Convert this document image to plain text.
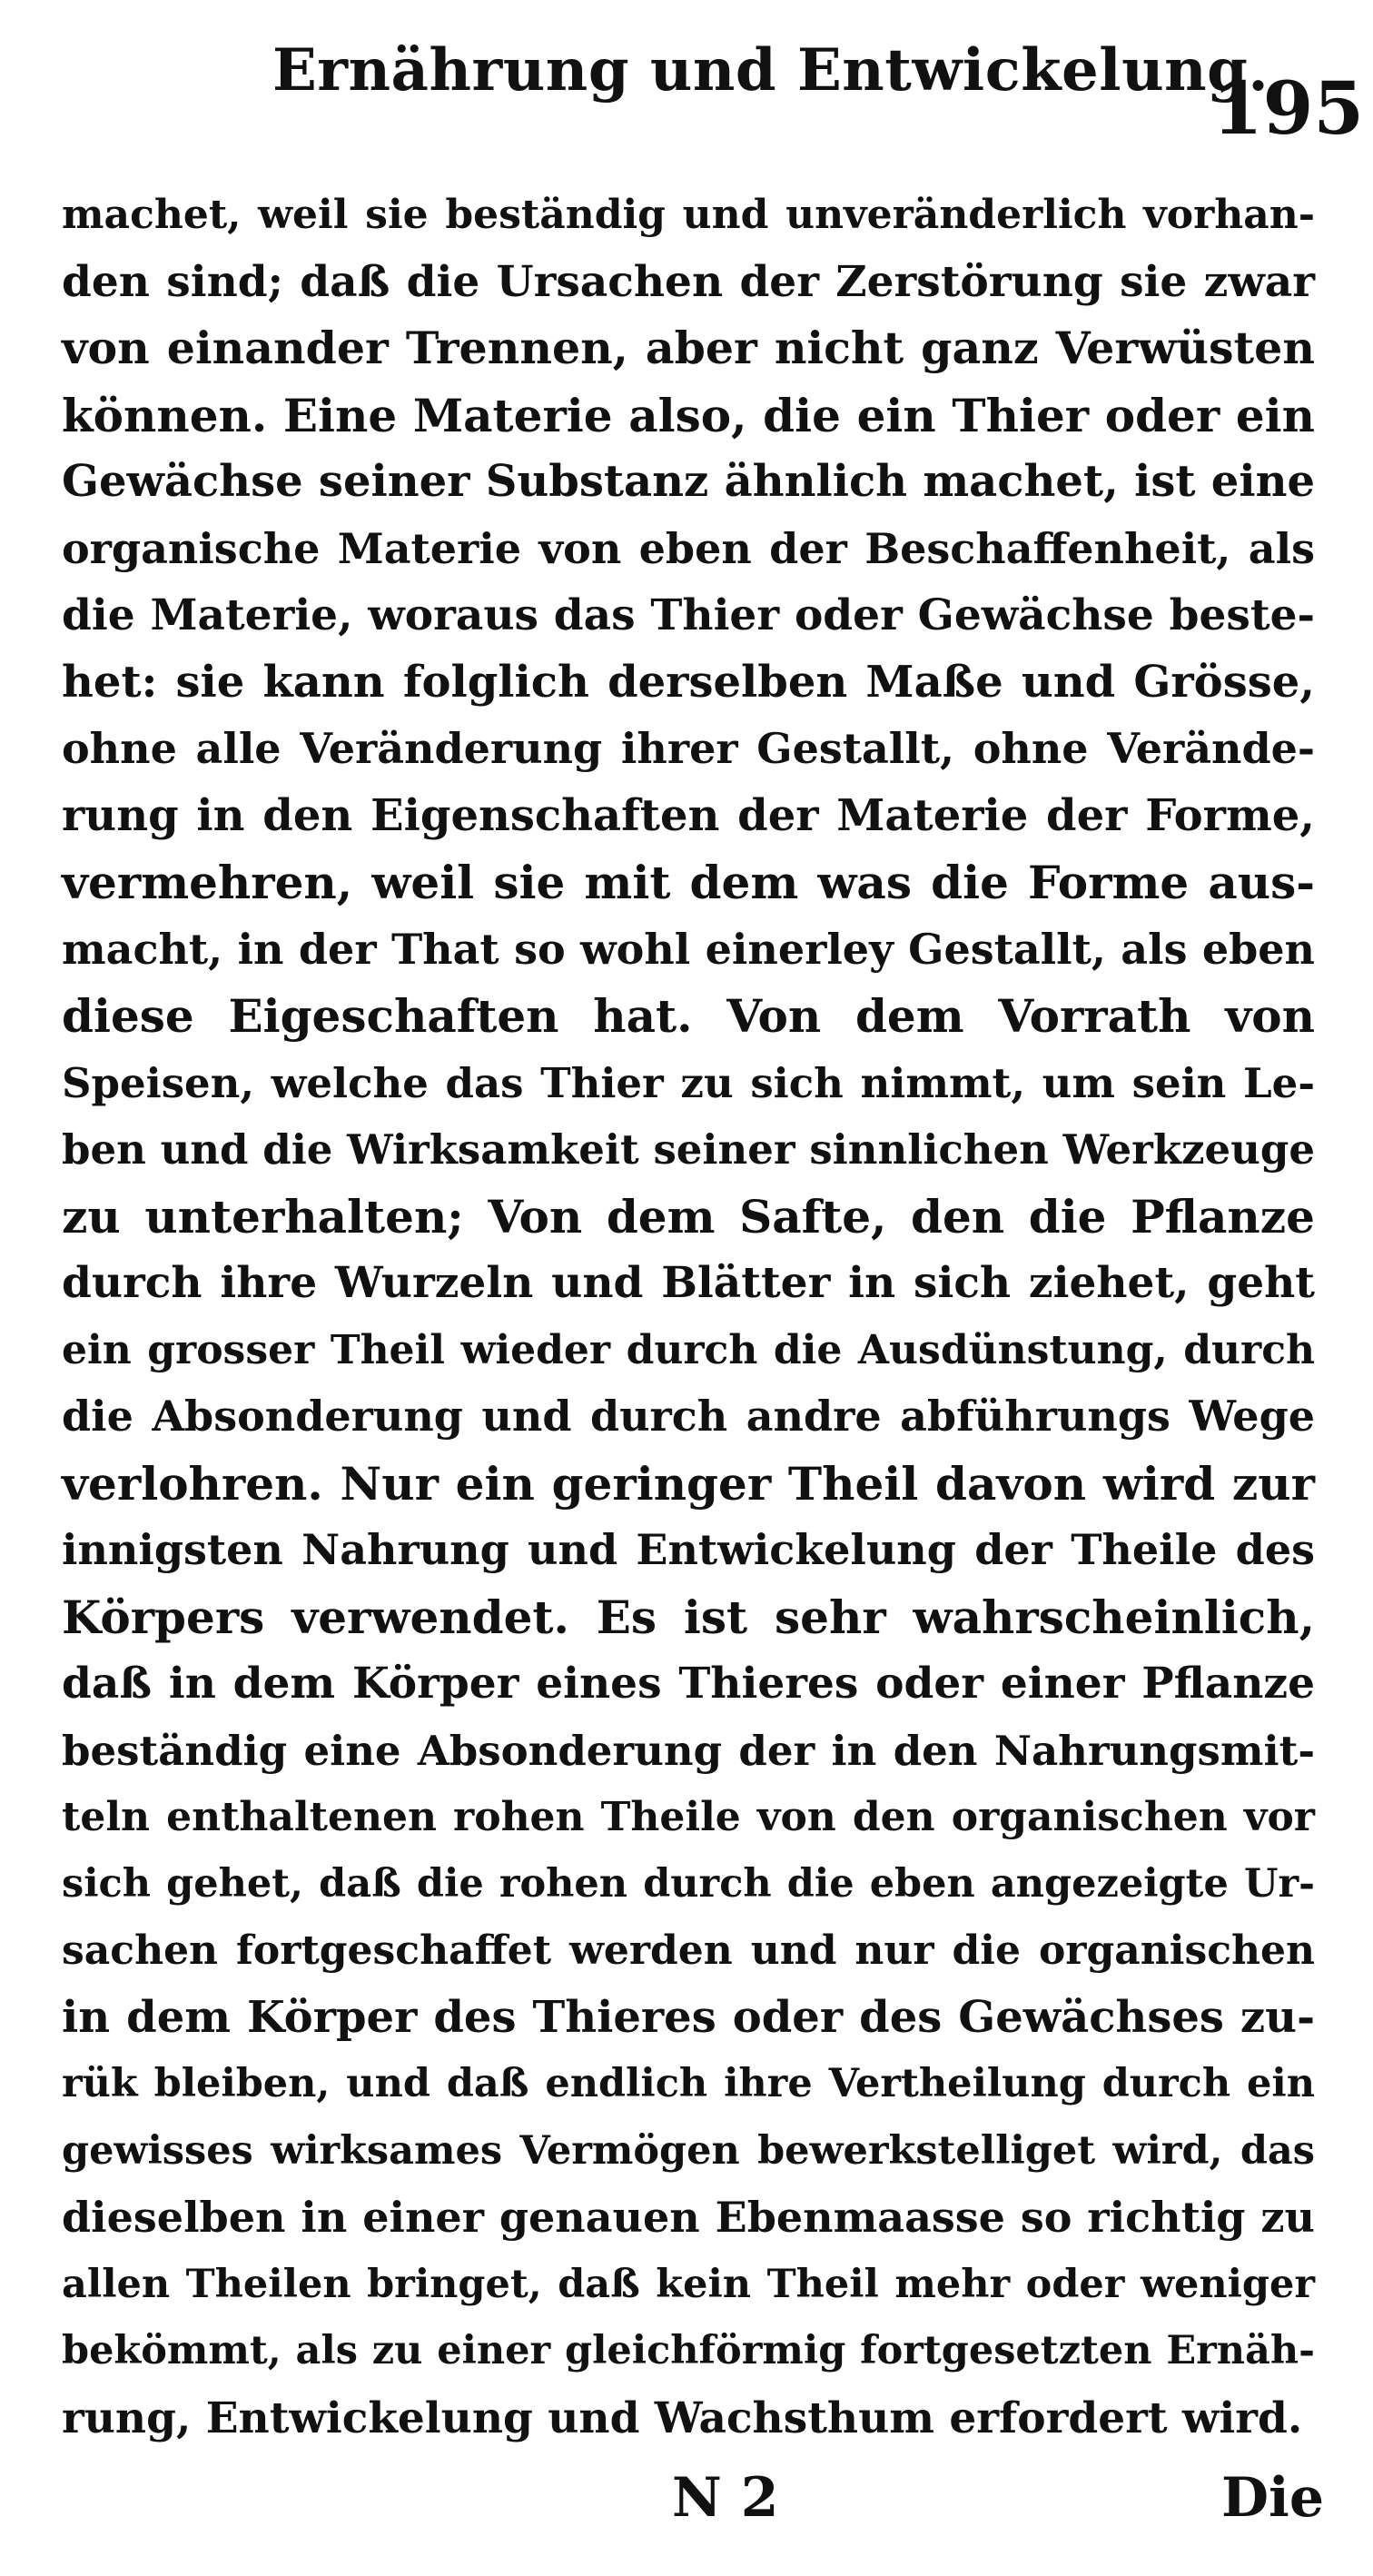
Ernährung und Entwickelung.
195
machet, weil sie beständig und unveränderlich vorhan-
den sind; daß die Ursachen der Zerstörung sie zwar
von einander Trennen, aber nicht ganz Verwüsten
können. Eine Materie also, die ein Thier oder ein
Gewächse seiner Substanz ähnlich machet, ist eine
organische Materie von eben der Beschaffenheit, als
die Materie, woraus das Thier oder Gewächse beste-
het: sie kann folglich derselben Maße und Grösse,
ohne alle Veränderung ihrer Gestallt, ohne Verände-
rung in den Eigenschaften der Materie der Forme,
vermehren, weil sie mit dem was die Forme aus-
macht, in der That so wohl einerley Gestallt, als eben
diese Eigeschaften hat. Von dem Vorrath von
Speisen, welche das Thier zu sich nimmt, um sein Le-
ben und die Wirksamkeit seiner sinnlichen Werkzeuge
zu unterhalten; Von dem Safte, den die Pflanze
durch ihre Wurzeln und Blätter in sich ziehet, geht
ein grosser Theil wieder durch die Ausdünstung, durch
die Absonderung und durch andre abführungs Wege
verlohren. Nur ein geringer Theil davon wird zur
innigsten Nahrung und Entwickelung der Theile des
Körpers verwendet. Es ist sehr wahrscheinlich,
daß in dem Körper eines Thieres oder einer Pflanze
beständig eine Absonderung der in den Nahrungsmit-
teln enthaltenen rohen Theile von den organischen vor
sich gehet, daß die rohen durch die eben angezeigte Ur-
sachen fortgeschaffet werden und nur die organischen
in dem Körper des Thieres oder des Gewächses zu-
rük bleiben, und daß endlich ihre Vertheilung durch ein
gewisses wirksames Vermögen bewerkstelliget wird, das
dieselben in einer genauen Ebenmaasse so richtig zu
allen Theilen bringet, daß kein Theil mehr oder weniger
bekömmt, als zu einer gleichförmig fortgesetzten Ernäh-
rung, Entwickelung und Wachsthum erfordert wird.
N 2	Die
